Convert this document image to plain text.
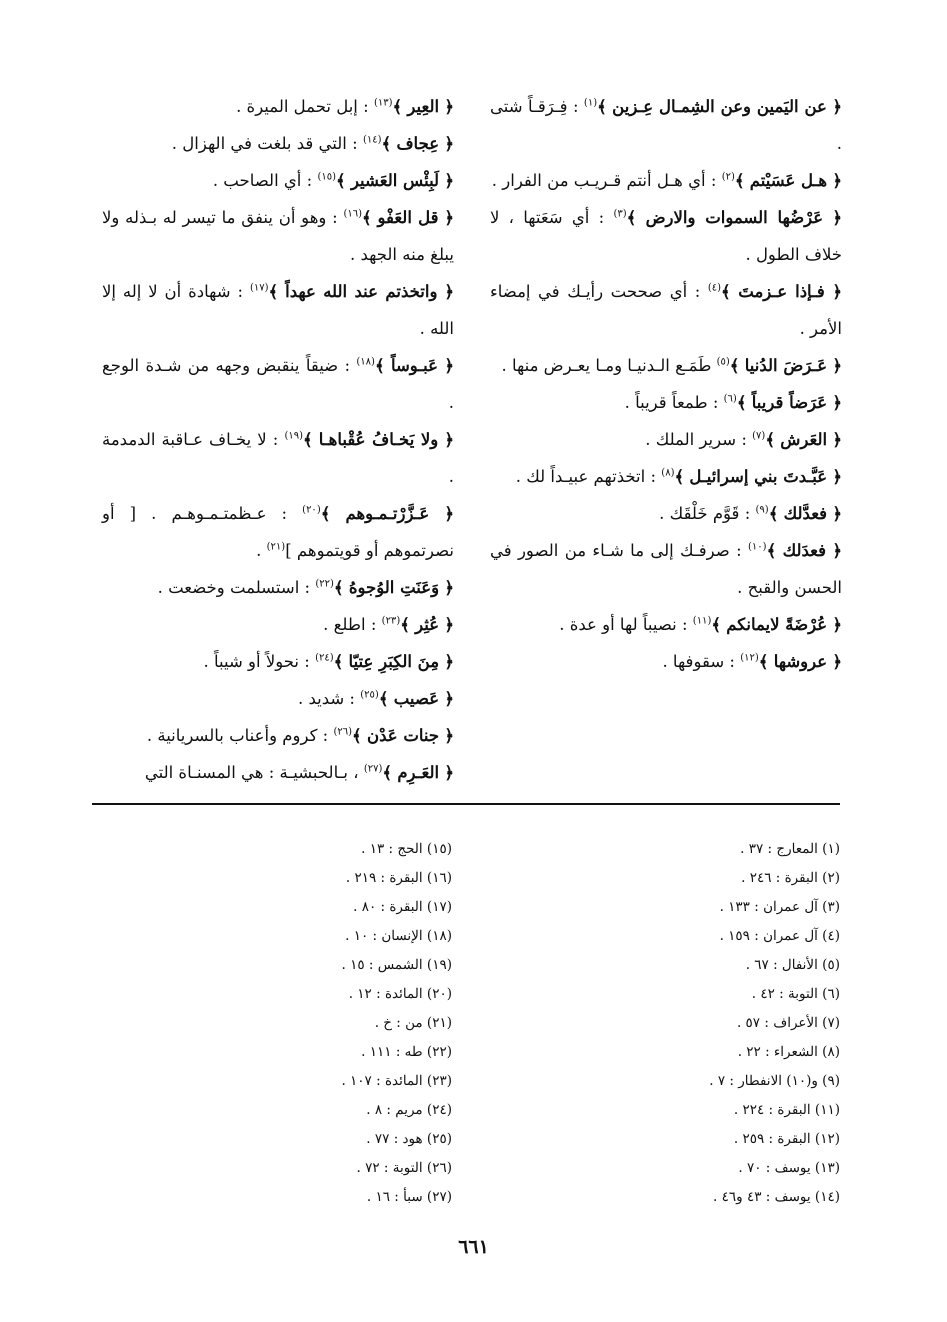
﴿ عن اليَمين وعن الشِمـال عِـزين ﴾$^{(١)}$ : فِـرَقـاً شتى .

﴿ هـل عَسَيْتم ﴾$^{(٢)}$ : أي هـل أنتم قـريـب من الفرار .

﴿ عَرْضُها السموات والارض ﴾$^{(٣)}$ : أي سَعَتها ، لا خلاف الطول .

﴿ فـإذا عـزمتَ ﴾$^{(٤)}$ : أي صححت رأيـك في إمضاء الأمر .

﴿ عَـرَضَ الدُنيا ﴾$^{(٥)}$ طَمَـع الـدنيـا ومـا يعـرض منها .

﴿ عَرَضاً قريباً ﴾$^{(٦)}$ : طمعاً قريباً .

﴿ العَرش ﴾$^{(٧)}$ : سرير الملك .

﴿ عَبَّـدتَ بني إسرائيـل ﴾$^{(٨)}$ : اتخذتهم عبيـداً لك .

﴿ فعدَّلك ﴾$^{(٩)}$ : قَوَّم خَلْقَك .

﴿ فعدَلك ﴾$^{(١٠)}$ : صرفـك إلى ما شـاء من الصور في الحسن والقبح .

﴿ عُرْضَةً لايمانكم ﴾$^{(١١)}$ : نصيباً لها أو عدة .

﴿ عروشها ﴾$^{(١٢)}$ : سقوفها .

﴿ العِير ﴾$^{(١٣)}$ : إبل تحمل الميرة .

﴿ عِجاف ﴾$^{(١٤)}$ : التي قد بلغت في الهزال .

﴿ لَبِئْس العَشير ﴾$^{(١٥)}$ : أي الصاحب .

﴿ قل العَفْو ﴾$^{(١٦)}$ : وهو أن ينفق ما تيسر له بـذله ولا يبلغ منه الجهد .

﴿ واتخذتم عند الله عهداً ﴾$^{(١٧)}$ : شهادة أن لا إله إلا الله .

﴿ عَبـوساً ﴾$^{(١٨)}$ : ضيقاً ينقبض وجهه من شـدة الوجع .

﴿ ولا يَخـافُ عُقْباهـا ﴾$^{(١٩)}$ : لا يخـاف عـاقبة الدمدمة .

﴿ عَـزَّرْتـمـوهم ﴾$^{(٢٠)}$ : عـظمتـمـوهـم . [ أو نصرتموهم أو قويتموهم ]$^{(٢١)}$ .

﴿ وَعَنَتِ الوُجوهُ ﴾$^{(٢٢)}$ : استسلمت وخضعت .

﴿ عُثِر ﴾$^{(٢٣)}$ : اطلع .

﴿ مِنَ الكِبَرِ عِتيّا ﴾$^{(٢٤)}$ : نحولاً أو شيباً .

﴿ عَصيب ﴾$^{(٢٥)}$ : شديد .

﴿ جنات عَدْن ﴾$^{(٢٦)}$ : كروم وأعناب بالسريانية .

﴿ العَـرِم ﴾$^{(٢٧)}$ ، بـالحبشيـة : هي المسنـاة التي

(١) المعارج : ٣٧ .
(٢) البقرة : ٢٤٦ .
(٣) آل عمران : ١٣٣ .
(٤) آل عمران : ١٥٩ .
(٥) الأنفال : ٦٧ .
(٦) التوبة : ٤٢ .
(٧) الأعراف : ٥٧ .
(٨) الشعراء : ٢٢ .
(٩) و(١٠) الانفطار : ٧ .
(١١) البقرة : ٢٢٤ .
(١٢) البقرة : ٢٥٩ .
(١٣) يوسف : ٧٠ .
(١٤) يوسف : ٤٣ و٤٦ .
(١٥) الحج : ١٣ .
(١٦) البقرة : ٢١٩ .
(١٧) البقرة : ٨٠ .
(١٨) الإنسان : ١٠ .
(١٩) الشمس : ١٥ .
(٢٠) المائدة : ١٢ .
(٢١) من : خ .
(٢٢) طه : ١١١ .
(٢٣) المائدة : ١٠٧ .
(٢٤) مريم : ٨ .
(٢٥) هود : ٧٧ .
(٢٦) التوبة : ٧٢ .
(٢٧) سبأ : ١٦ .
٦٦١
